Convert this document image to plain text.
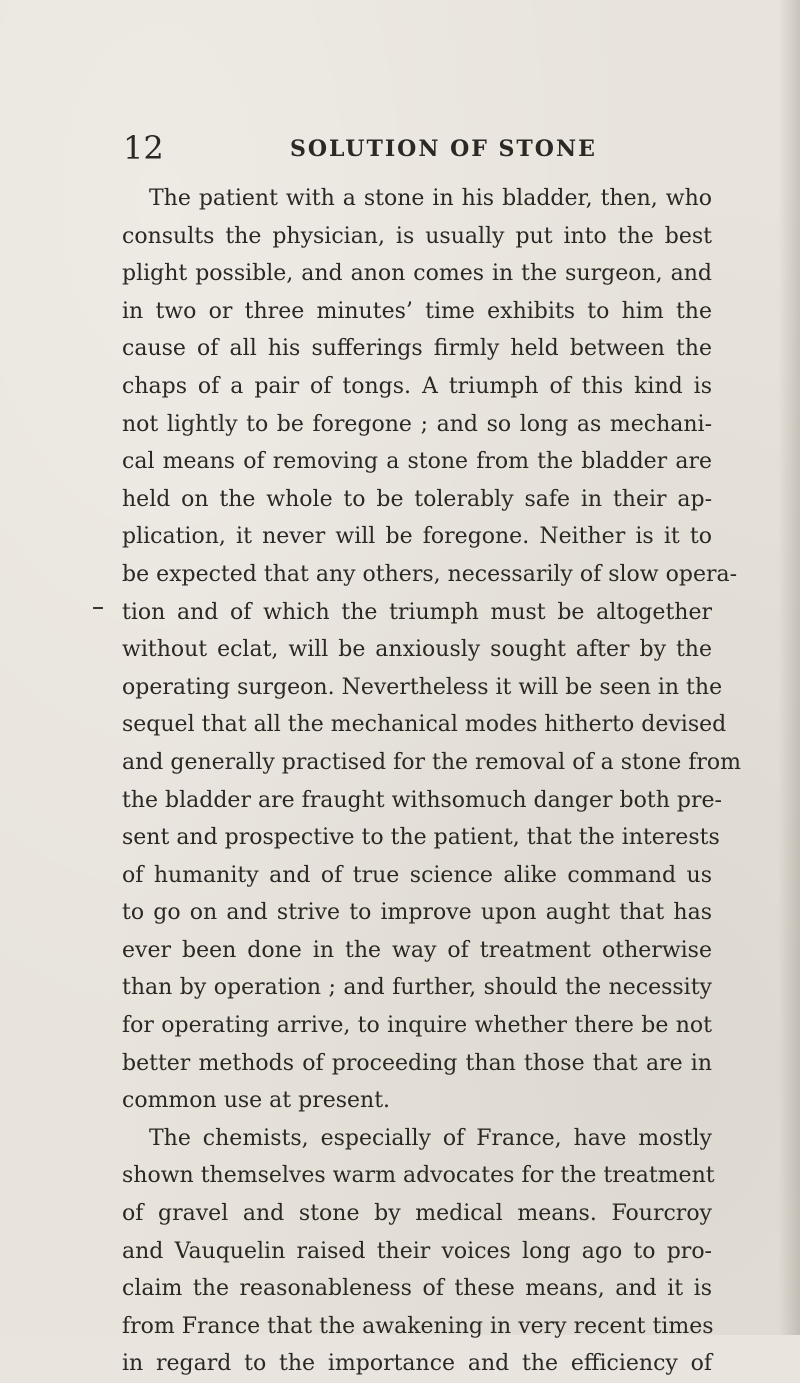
12	SOLUTION OF STONE
The patient with a stone in his bladder, then, who
consults the physician, is usually put into the best
plight possible, and anon comes in the surgeon, and
in two or three minutes’ time exhibits to him the
cause of all his sufferings firmly held between the
chaps of a pair of tongs. A triumph of this kind is
not lightly to be foregone ; and so long as mechani-
cal means of removing a stone from the bladder are
held on the whole to be tolerably safe in their ap-
plication, it never will be foregone. Neither is it to
be expected that any others, necessarily of slow opera-
tion and of which the triumph must be altogether
without eclat, will be anxiously sought after by the
operating surgeon. Nevertheless it will be seen in the
sequel that all the mechanical modes hitherto devised
and generally practised for the removal of a stone from
the bladder are fraught withsomuch danger both pre-
sent and prospective to the patient, that the interests
of humanity and of true science alike command us
to go on and strive to improve upon aught that has
ever been done in the way of treatment otherwise
than by operation ; and further, should the necessity
for operating arrive, to inquire whether there be not
better methods of proceeding than those that are in
common use at present.
The chemists, especially of France, have mostly
shown themselves warm advocates for the treatment
of gravel and stone by medical means. Fourcroy
and Vauquelin raised their voices long ago to pro-
claim the reasonableness of these means, and it is
from France that the awakening in very recent times
in regard to the importance and the efficiency of
